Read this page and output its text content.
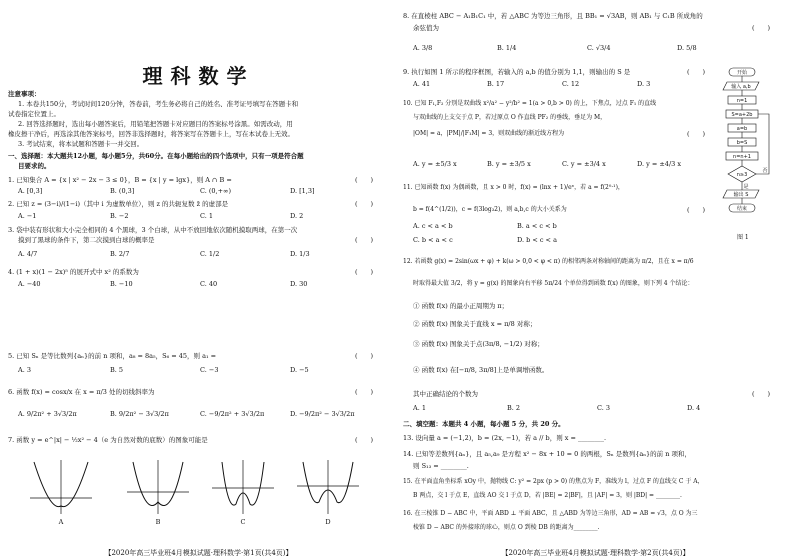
理科数学
注意事项：
1. 本卷共150分，考试时间120分钟，答卷前，考生务必将自己的姓名、准考证号填写在答题卡和
试卷指定位置上。
2. 回答选择题时，选出每小题答案后，用铅笔把答题卡对应题目的答案标号涂黑。如需改动，用
橡皮擦干净后，再选涂其他答案标号，回答非选择题时，将答案写在答题卡上，写在本试卷上无效。
3. 考试结束，将本试题和答题卡一并交回。
一、选择题：本大题共12小题，每小题5分，共60分。在每小题给出的四个选项中，只有一项是符合题
目要求的。
1. 已知集合 A = {x | x² − 2x − 3 ≤ 0}，B = {x | y = lgx}，则 A ∩ B =	(　　)
A. [0,3]	B. (0,3]	C. (0,+∞)	D. [1,3]
2. 已知 z = (3−i)/(1−i)（其中 i 为虚数单位），则 z 的共轭复数 z̄ 的虚部是	(　　)
A. −1	B. −2	C. 1	D. 2
3. 袋中装有形状和大小完全相同的 4 个黑球，3 个白球，从中不放回地依次随机摸取两球，在第一次
摸到了黑球的条件下，第二次摸到白球的概率是	(　　)
A. 4/7	B. 2/7	C. 1/2	D. 1/3
4. (1 + x)(1 − 2x)⁵ 的展开式中 x² 的系数为	(　　)
A. −40	B. −10	C. 40	D. 30
5. 已知 Sₙ 是等比数列{aₙ}的前 n 项和，a₈ = 8a₅，S₆ = 45，则 a₁ =	(　　)
A. 3	B. 5	C. −3	D. −5
6. 函数 f(x) = cosx/x 在 x = π/3 处的切线斜率为	(　　)
A. 9/2π² + 3√3/2π	B. 9/2π² − 3√3/2π	C. −9/2π² + 3√3/2π	D. −9/2π² − 3√3/2π
7. 函数 y = e^|x| − ½x² − 4（e 为自然对数的底数）的图象可能是	(　　)
A	B	C	D
【2020年高三毕业班4月模拟试题·理科数学·第1页(共4页)】
8. 在直棱柱 ABC − A₁B₁C₁ 中，若 △ABC 为等边三角形，且 BB₁ = √3AB，则 AB₁ 与 C₁B 所成角的
余弦值为	(　　)
A. 3/8	B. 1/4	C. √3/4	D. 5/8
9. 执行如图 1 所示的程序框图，若输入的 a,b 的值分别为 1,1，则输出的 S 是	(　　)
A. 41	B. 17	C. 12	D. 3
10. 已知 F₁,F₂ 分别是双曲线 x²/a² − y²/b² = 1(a > 0,b > 0) 的上，下焦点，过点 F₁ 的直线
与双曲线的上支交于点 P，若过原点 O 作直线 PF₂ 的垂线，垂足为 M，
|OM| = a，|PM|/|F₁M| = 3，则双曲线的渐近线方程为	(　　)
A. y = ±5/3 x	B. y = ±3/5 x	C. y = ±3/4 x	D. y = ±4/3 x
11. 已知函数 f(x) 为偶函数，且 x > 0 时，f(x) = (lnx + 1)/eˣ，若 a = f(2⁰·¹)，
b = f(4^(1/2))，c = f(3log₃2)，则 a,b,c 的大小关系为	(　　)
A. c < a < b	B. a < c < b
C. b < a < c	D. b < c < a
开始
输入 a,b
n=1
S=a+2b
a=b
b=S
n=n+1
n≥3
否
是
输出 S
结束
图 1
12. 若函数 g(x) = 2sin(ωx + φ) + k(ω > 0,0 < φ < π) 的相邻两条对称轴间的距离为 π/2，且在 x = π/6
时取得最大值 3/2，将 y = g(x) 的图象向右平移 5π/24 个单位得到函数 f(x) 的图象，则下列 4 个结论：
① 函数 f(x) 的最小正周期为 π；
② 函数 f(x) 图象关于直线 x = π/8 对称；
③ 函数 f(x) 图象关于点(3π/8, −1/2) 对称；
④ 函数 f(x) 在[−π/8, 3π/8]上是单调增函数。
其中正确结论的个数为	(　　)
A. 1	B. 2	C. 3	D. 4
二、填空题：本题共 4 小题，每小题 5 分，共 20 分。
13. 设向量 a = (−1,2)，b = (2x, −1)，若 a // b，则 x = ________.
14. 已知等差数列{aₙ}，且 a₅,a₉ 是方程 x² − 8x + 10 = 0 的两根，Sₙ 是数列{aₙ}的前 n 项和，
则 S₁₃ = ________.
15. 在平面直角坐标系 xOy 中，抛物线 C: y² = 2px (p > 0) 的焦点为 F，准线为 l，过点 F 的直线交 C 于 A，
B 两点，交 l 于点 E，直线 AO 交 l 于点 D，若 |BE| = 2|BF|，且 |AF| = 3，则 |BD| = ________.
16. 在三棱锥 D − ABC 中，平面 ABD ⊥ 平面 ABC，且 △ABD 为等边三角形，AD = AB = √3，点 O 为三
棱锥 D − ABC 的外接球的球心，则点 O 到棱 DB 的距离为________.
【2020年高三毕业班4月模拟试题·理科数学·第2页(共4页)】
